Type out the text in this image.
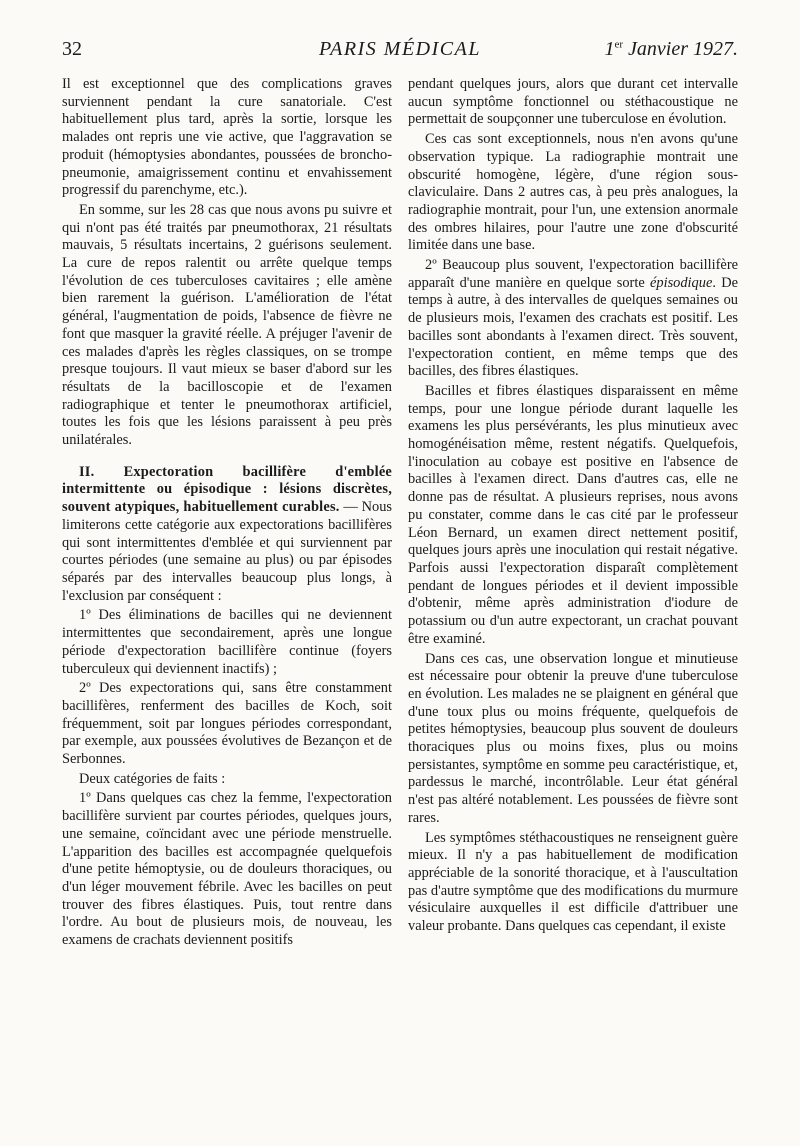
32	PARIS MÉDICAL	1er Janvier 1927.

Il est exceptionnel que des complications graves surviennent pendant la cure sanatoriale. C'est habituellement plus tard, après la sortie, lorsque les malades ont repris une vie active, que l'aggravation se produit (hémoptysies abondantes, poussées de broncho-pneumonie, amaigrissement continu et envahissement progressif du parenchyme, etc.).

En somme, sur les 28 cas que nous avons pu suivre et qui n'ont pas été traités par pneumothorax, 21 résultats mauvais, 5 résultats incertains, 2 guérisons seulement. La cure de repos ralentit ou arrête quelque temps l'évolution de ces tuberculoses cavitaires ; elle amène bien rarement la guérison. L'amélioration de l'état général, l'augmentation de poids, l'absence de fièvre ne font que masquer la gravité réelle. A préjuger l'avenir de ces malades d'après les règles classiques, on se trompe presque toujours. Il vaut mieux se baser d'abord sur les résultats de la bacilloscopie et de l'examen radiographique et tenter le pneumothorax artificiel, toutes les fois que les lésions paraissent à peu près unilatérales.

II. Expectoration bacillifère d'emblée intermittente ou épisodique : lésions discrètes, souvent atypiques, habituellement curables. — Nous limiterons cette catégorie aux expectorations bacillifères qui sont intermittentes d'emblée et qui surviennent par courtes périodes (une semaine au plus) ou par épisodes séparés par des intervalles beaucoup plus longs, à l'exclusion par conséquent :

1º Des éliminations de bacilles qui ne deviennent intermittentes que secondairement, après une longue période d'expectoration bacillifère continue (foyers tuberculeux qui deviennent inactifs) ;

2º Des expectorations qui, sans être constamment bacillifères, renferment des bacilles de Koch, soit fréquemment, soit par longues périodes correspondant, par exemple, aux poussées évolutives de Bezançon et de Serbonnes.

Deux catégories de faits :

1º Dans quelques cas chez la femme, l'expectoration bacillifère survient par courtes périodes, quelques jours, une semaine, coïncidant avec une période menstruelle. L'apparition des bacilles est accompagnée quelquefois d'une petite hémoptysie, ou de douleurs thoraciques, ou d'un léger mouvement fébrile. Avec les bacilles on peut trouver des fibres élastiques. Puis, tout rentre dans l'ordre. Au bout de plusieurs mois, de nouveau, les examens de crachats deviennent positifs

pendant quelques jours, alors que durant cet intervalle aucun symptôme fonctionnel ou stéthacoustique ne permettait de soupçonner une tuberculose en évolution.

Ces cas sont exceptionnels, nous n'en avons qu'une observation typique. La radiographie montrait une obscurité homogène, légère, d'une région sous-claviculaire. Dans 2 autres cas, à peu près analogues, la radiographie montrait, pour l'un, une extension anormale des ombres hilaires, pour l'autre une zone d'obscurité limitée dans une base.

2º Beaucoup plus souvent, l'expectoration bacillifère apparaît d'une manière en quelque sorte épisodique. De temps à autre, à des intervalles de quelques semaines ou de plusieurs mois, l'examen des crachats est positif. Les bacilles sont abondants à l'examen direct. Très souvent, l'expectoration contient, en même temps que des bacilles, des fibres élastiques.

Bacilles et fibres élastiques disparaissent en même temps, pour une longue période durant laquelle les examens les plus persévérants, les plus minutieux avec homogénéisation même, restent négatifs. Quelquefois, l'inoculation au cobaye est positive en l'absence de bacilles à l'examen direct. Dans d'autres cas, elle ne donne pas de résultat. A plusieurs reprises, nous avons pu constater, comme dans le cas cité par le professeur Léon Bernard, un examen direct nettement positif, quelques jours après une inoculation qui restait négative. Parfois aussi l'expectoration disparaît complètement pendant de longues périodes et il devient impossible d'obtenir, même après administration d'iodure de potassium ou d'un autre expectorant, un crachat pouvant être examiné.

Dans ces cas, une observation longue et minutieuse est nécessaire pour obtenir la preuve d'une tuberculose en évolution. Les malades ne se plaignent en général que d'une toux plus ou moins fréquente, quelquefois de petites hémoptysies, beaucoup plus souvent de douleurs thoraciques plus ou moins fixes, plus ou moins persistantes, symptôme en somme peu caractéristique, et, pardessus le marché, incontrôlable. Leur état général n'est pas altéré notablement. Les poussées de fièvre sont rares.

Les symptômes stéthacoustiques ne renseignent guère mieux. Il n'y a pas habituellement de modification appréciable de la sonorité thoracique, et à l'auscultation pas d'autre symptôme que des modifications du murmure vésiculaire auxquelles il est difficile d'attribuer une valeur probante. Dans quelques cas cependant, il existe
